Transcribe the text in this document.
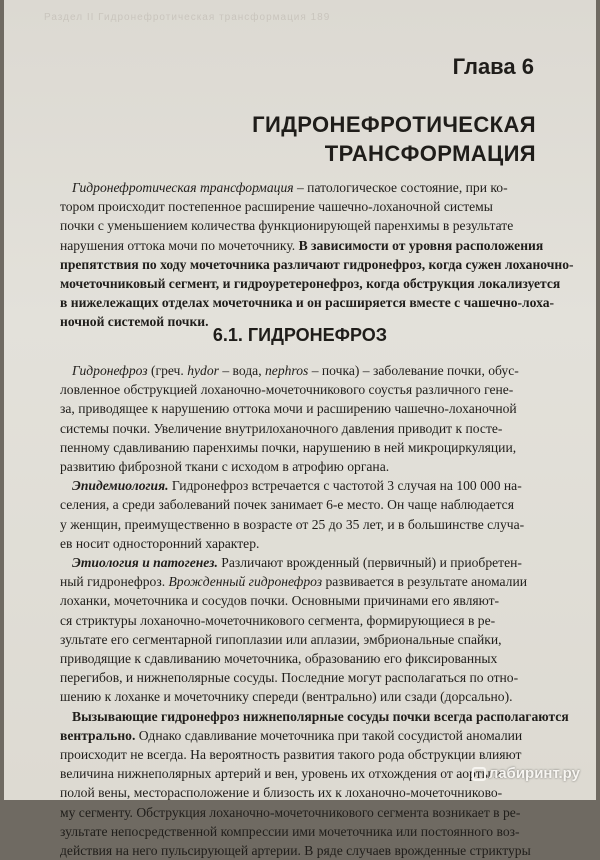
Раздел II Гидронефротическая трансформация 189
Глава 6
ГИДРОНЕФРОТИЧЕСКАЯ
ТРАНСФОРМАЦИЯ
Гидронефротическая трансформация – патологическое состояние, при ко-
тором происходит постепенное расширение чашечно-лоханочной системы
почки с уменьшением количества функционирующей паренхимы в результате
нарушения оттока мочи по мочеточнику. В зависимости от уровня расположения
препятствия по ходу мочеточника различают гидронефроз, когда сужен лоханочно-
мочеточниковый сегмент, и гидроуретеронефроз, когда обструкция локализуется
в нижележащих отделах мочеточника и он расширяется вместе с чашечно-лоха-
ночной системой почки.
6.1. ГИДРОНЕФРОЗ
Гидронефроз (греч. hydor – вода, nephros – почка) – заболевание почки, обус-
ловленное обструкцией лоханочно-мочеточникового соустья различного гене-
за, приводящее к нарушению оттока мочи и расширению чашечно-лоханочной
системы почки. Увеличение внутрилоханочного давления приводит к посте-
пенному сдавливанию паренхимы почки, нарушению в ней микроциркуляции,
развитию фиброзной ткани с исходом в атрофию органа.
Эпидемиология. Гидронефроз встречается с частотой 3 случая на 100 000 на-
селения, а среди заболеваний почек занимает 6-е место. Он чаще наблюдается
у женщин, преимущественно в возрасте от 25 до 35 лет, и в большинстве случа-
ев носит односторонний характер.
Этиология и патогенез. Различают врожденный (первичный) и приобретен-
ный гидронефроз. Врожденный гидронефроз развивается в результате аномалии
лоханки, мочеточника и сосудов почки. Основными причинами его являют-
ся стриктуры лоханочно-мочеточникового сегмента, формирующиеся в ре-
зультате его сегментарной гипоплазии или аплазии, эмбриональные спайки,
приводящие к сдавливанию мочеточника, образованию его фиксированных
перегибов, и нижнеполярные сосуды. Последние могут располагаться по отно-
шению к лоханке и мочеточнику спереди (вентрально) или сзади (дорсально).
Вызывающие гидронефроз нижнеполярные сосуды почки всегда располагаются
вентрально. Однако сдавливание мочеточника при такой сосудистой аномалии
происходит не всегда. На вероятность развития такого рода обструкции влияют
величина нижнеполярных артерий и вен, уровень их отхождения от аорты и
полой вены, месторасположение и близость их к лоханочно-мочеточниково-
му сегменту. Обструкция лоханочно-мочеточникового сегмента возникает в ре-
зультате непосредственной компрессии ими мочеточника или постоянного воз-
действия на него пульсирующей артерии. В ряде случаев врожденные стриктуры
лабиринт.ру
